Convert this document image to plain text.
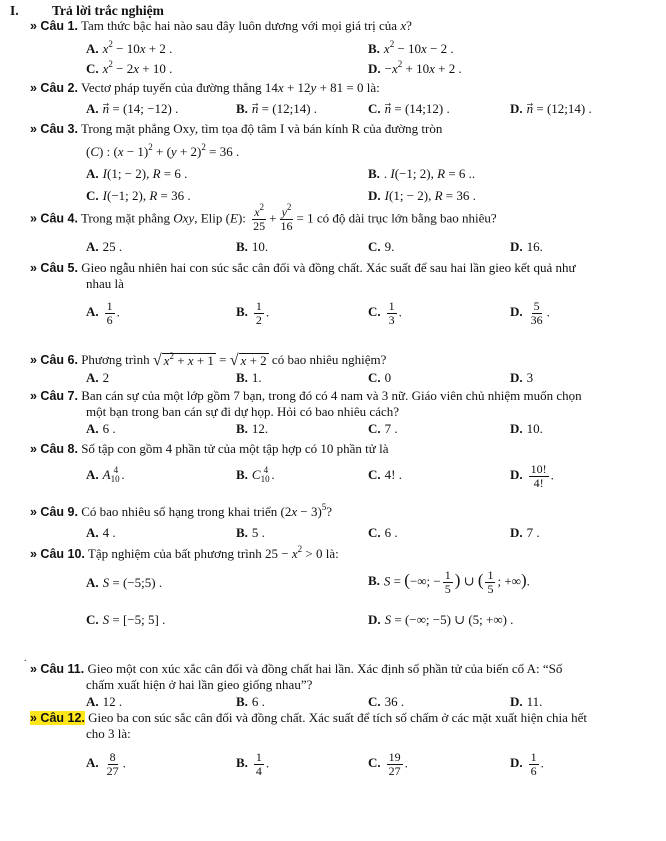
I. Trả lời trắc nghiệm
» Câu 1. Tam thức bậc hai nào sau đây luôn dương với mọi giá trị của x?
A. $x^2 - 10x + 2$ .	B. $x^2 - 10x - 2$ .
C. $x^2 - 2x + 10$ .	D. $-x^2 + 10x + 2$ .
» Câu 2. Vectơ pháp tuyến của đường thẳng 14x + 12y + 81 = 0 là:
A. n⃗ = (14; −12) .	B. n⃗ = (12;14) .	C. n⃗ = (14;12) .	D. n⃗ = (12;14) .
» Câu 3. Trong mặt phẳng Oxy, tìm tọa độ tâm I và bán kính R của đường tròn
(C) : $(x - 1)^2 + (y + 2)^2 = 36$ .
A. I(1; − 2), R = 6 .	B. . I(−1; 2), R = 6 ..
C. I(−1; 2), R = 36 .	D. I(1; − 2), R = 36 .
» Câu 4. Trong mặt phẳng Oxy, Elip (E): $\frac{x^2}{25} + \frac{y^2}{16} = 1$ có độ dài trục lớn bằng bao nhiêu?
A. 25 .	B. 10.	C. 9.	D. 16.
» Câu 5. Gieo ngẫu nhiên hai con súc sắc cân đối và đồng chất. Xác suất để sau hai lần gieo kết quả như
nhau là
A. $\frac{1}{6}$ .	B. $\frac{1}{2}$ .	C. $\frac{1}{3}$ .	D. $\frac{5}{36}$ .
» Câu 6. Phương trình √ $x^2 + x + 1$ = √ x + 2 có bao nhiêu nghiệm?
A. 2	B. 1.	C. 0	D. 3
» Câu 7. Ban cán sự của một lớp gồm 7 bạn, trong đó có 4 nam và 3 nữ. Giáo viên chủ nhiệm muốn chọn
một bạn trong ban cán sự đi dự họp. Hỏi có bao nhiêu cách?
A. 6 .	B. 12.	C. 7 .	D. 10.
» Câu 8. Số tập con gồm 4 phần tử của một tập hợp có 10 phần tử là
A. $A_{10}^4$ .	B. $C_{10}^4$ .	C. 4! .	D. $\frac{10!}{4!}$ .
» Câu 9. Có bao nhiêu số hạng trong khai triển $(2x - 3)^5$?
A. 4 .	B. 5 .	C. 6 .	D. 7 .
» Câu 10. Tập nghiệm của bất phương trình $25 - x^2 > 0$ là:
A. S = (−5;5) .	B. S = (−∞; − $\frac{1}{5}$ ) ∪ ( $\frac{1}{5}$ ; +∞).
C. S = [−5; 5] .	D. S = (−∞; −5) ∪ (5; +∞) .
.
» Câu 11. Gieo một con xúc xắc cân đối và đồng chất hai lần. Xác định số phần tử của biến cố A: “Số
chấm xuất hiện ở hai lần gieo giống nhau”?
A. 12 .	B. 6 .	C. 36 .	D. 11.
» Câu 12. Gieo ba con súc sắc cân đối và đồng chất. Xác suất để tích số chấm ở các mặt xuất hiện chia hết
cho 3 là:
A. $\frac{8}{27}$ .	B. $\frac{1}{4}$ .	C. $\frac{19}{27}$ .	D. $\frac{1}{6}$ .
